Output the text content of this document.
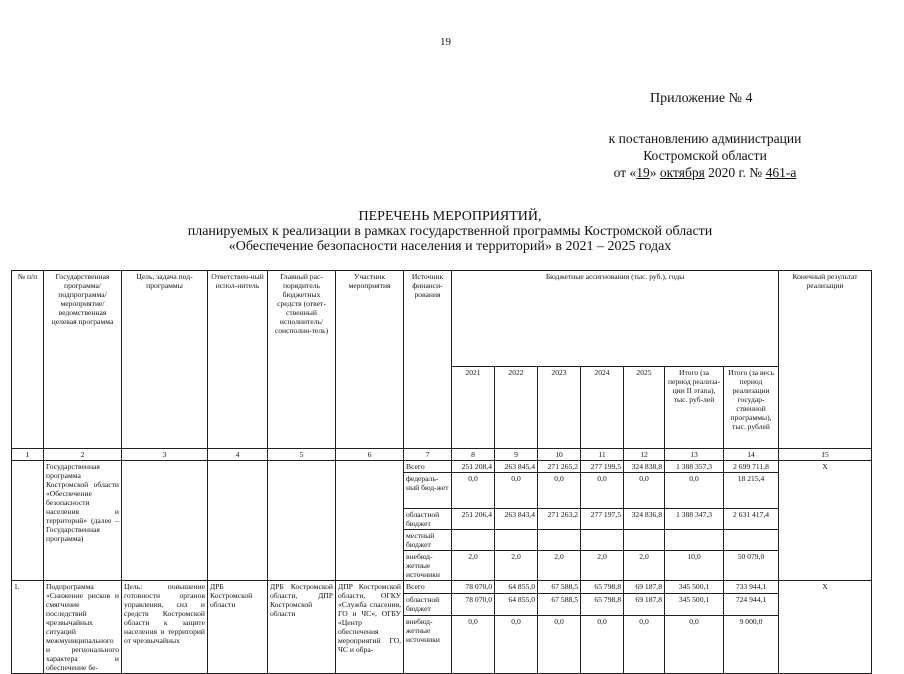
19
Приложение № 4
к постановлению администрации
Костромской области
от «19» октября 2020 г. № 461-а
ПЕРЕЧЕНЬ МЕРОПРИЯТИЙ,
планируемых к реализации в рамках государственной программы Костромской области
«Обеспечение безопасности населения и территорий» в 2021 – 2025 годах
№ п/п	Государственная программа/ подпрограмма/ мероприятие/ ведомственная целевая программа	Цель, задача под-программы	Ответствен-ный испол-нитель	Главный рас-порядитель бюджетных средств (ответ-ственный исполнитель/ соисполни-тель)	Участник мероприятия	Источник финанси-рования	Бюджетные ассигнования (тыс. руб.), годы							Конечный результат реализации
							2021	2022	2023	2024	2025	Итого (за период реализа-ции II этапа), тыс. руб-лей	Итого (за весь период реализации государ-ственной программы), тыс. рублей	
1	2	3	4	5	6	7	8	9	10	11	12	13	14	15
	Государственная программа Костромской области «Обеспечение безопасности населения и территорий» (далее – Государственная программа)					Всего	251 208,4	263 845,4	271 265,2	277 199,5	324 838,8	1 388 357,3	2 699 711,8	X
						федераль-ный бюд-жет	0,0	0,0	0,0	0,0	0,0	0,0	18 215,4	
						областной бюджет	251 206,4	263 843,4	271 263,2	277 197,5	324 836,8	1 388 347,3	2 631 417,4	
						местный бюджет								
						внебюд-жетные источники	2,0	2,0	2,0	2,0	2,0	10,0	50 079,0	
1.	Подпрограмма «Снижение рисков и смягчение последствий чрезвычайных ситуаций межмуниципального и регионального характера и обеспечение бе-	Цель: повышение готовности органов управления, сил и средств Костромской области к защите населения и территорий от чрезвычайных	ДРБ Костромской области	ДРБ Костромской области, ДПР Костромской области	ДПР Костромской области, ОГКУ «Служба спасения, ГО и ЧС», ОГБУ «Центр обеспечения мероприятий ГО, ЧС и обра-	Всего	78 070,0	64 855,0	67 588,5	65 798,8	69 187,8	345 500,1	733 944,1	X
						областной бюджет	78 070,0	64 855,0	67 588,5	65 798,8	69 187,8	345 500,1	724 944,1	
						внебюд-жетные источники	0,0	0,0	0,0	0,0	0,0	0,0	9 000,0	
